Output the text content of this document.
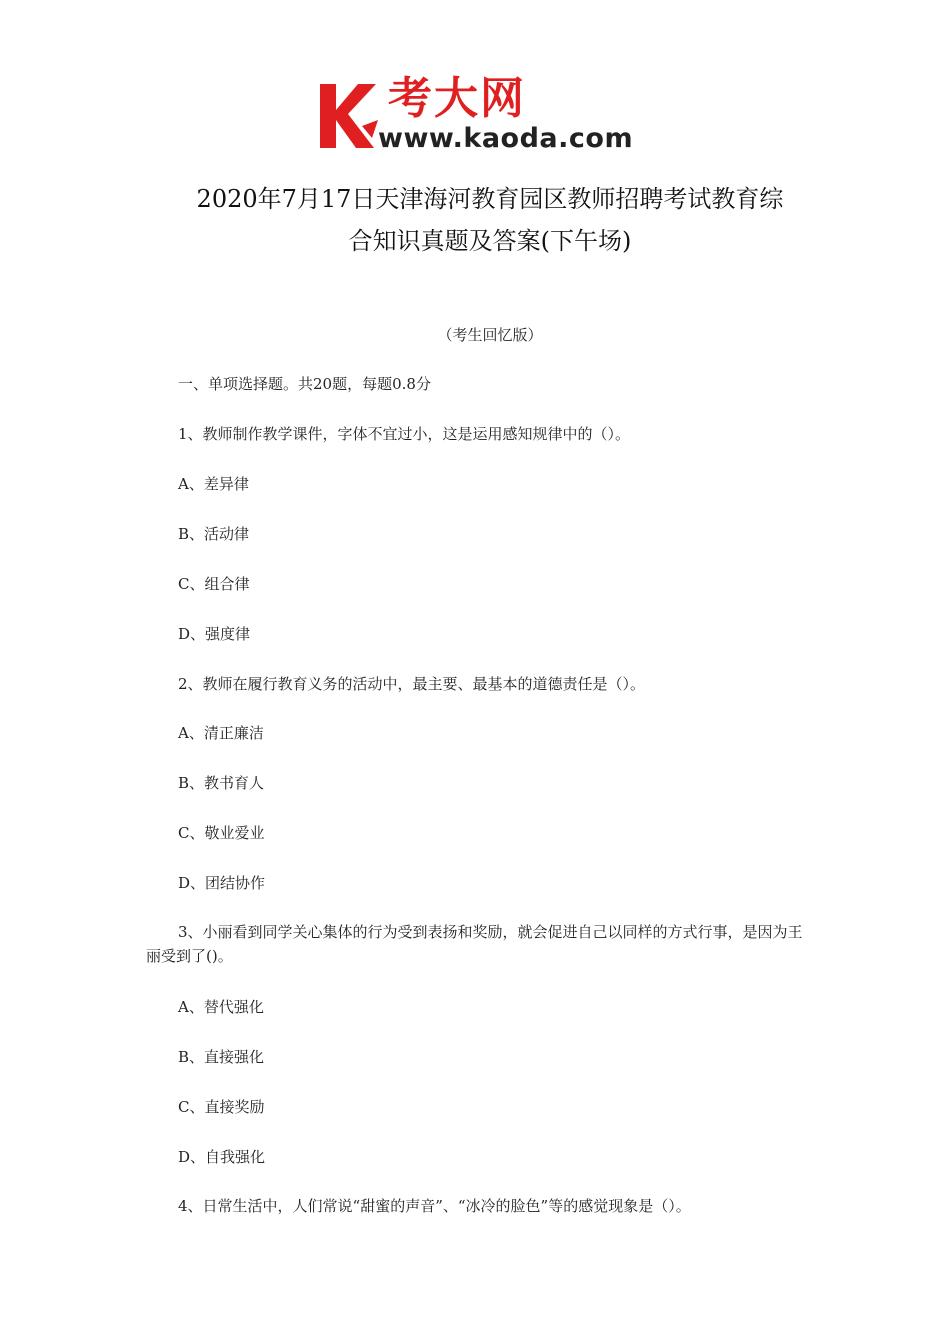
考大网
www.kaoda.com
2020年7月17日天津海河教育园区教师招聘考试教育综
合知识真题及答案(下午场)
（考生回忆版）
一、单项选择题。共20题，每题0.8分
1、教师制作教学课件，字体不宜过小，这是运用感知规律中的（）。
A、差异律
B、活动律
C、组合律
D、强度律
2、教师在履行教育义务的活动中，最主要、最基本的道德责任是（）。
A、清正廉洁
B、教书育人
C、敬业爱业
D、团结协作
3、小丽看到同学关心集体的行为受到表扬和奖励，就会促进自己以同样的方式行事，是因为王丽受到了()。
A、替代强化
B、直接强化
C、直接奖励
D、自我强化
4、日常生活中，人们常说“甜蜜的声音”、“冰冷的脸色”等的感觉现象是（）。
